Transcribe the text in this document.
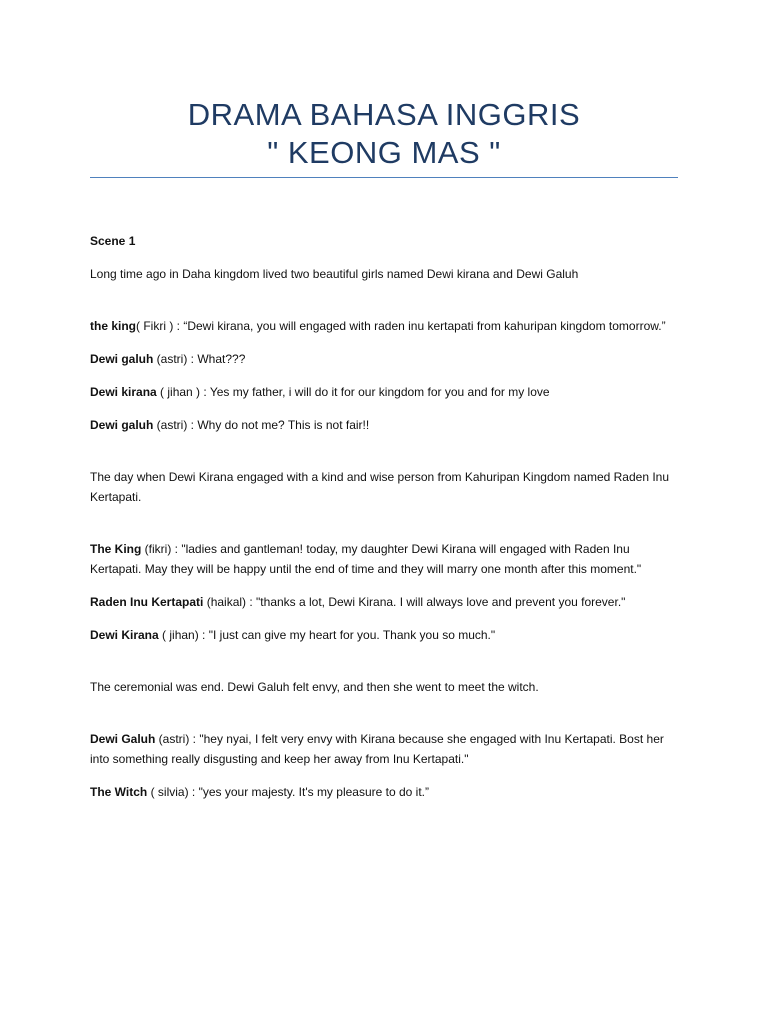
DRAMA BAHASA INGGRIS
" KEONG MAS "

Scene 1

Long time ago in Daha kingdom lived two beautiful girls named Dewi kirana and Dewi Galuh

the king( Fikri ) : “Dewi kirana, you will engaged with raden inu kertapati from kahuripan kingdom tomorrow.”

Dewi galuh (astri) : What???

Dewi kirana ( jihan ) : Yes my father, i will do it for our kingdom for you and for my love

Dewi galuh (astri) : Why do not me? This is not fair!!

The day when Dewi Kirana engaged with a kind and wise person from Kahuripan Kingdom named Raden Inu Kertapati.

The King (fikri) : "ladies and gantleman! today, my daughter Dewi Kirana will engaged with Raden Inu Kertapati. May they will be happy until the end of time and they will marry one month after this moment."

Raden Inu Kertapati (haikal) : "thanks a lot, Dewi Kirana. I will always love and prevent you forever."

Dewi Kirana ( jihan) : "I just can give my heart for you. Thank you so much."

The ceremonial was end. Dewi Galuh felt envy, and then she went to meet the witch.

Dewi Galuh (astri) : "hey nyai, I felt very envy with Kirana because she engaged with Inu Kertapati. Bost her into something really disgusting and keep her away from Inu Kertapati."

The Witch ( silvia) : "yes your majesty. It's my pleasure to do it.”
